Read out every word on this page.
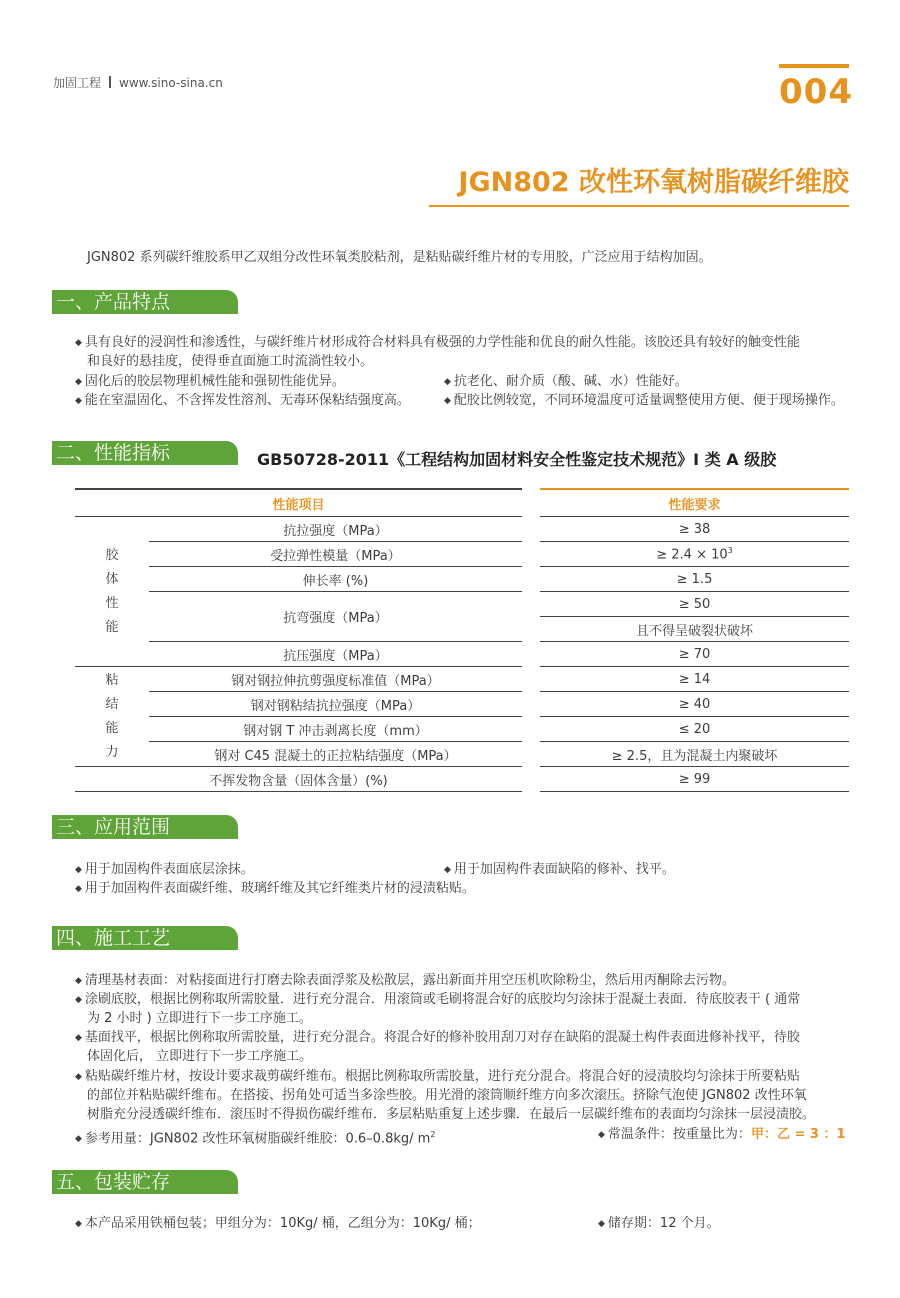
加固工程 www.sino-sina.cn	004
JGN802 改性环氧树脂碳纤维胶
JGN802 系列碳纤维胶系甲乙双组分改性环氧类胶粘剂，是粘贴碳纤维片材的专用胶，广泛应用于结构加固。
一、产品特点
◆ 具有良好的浸润性和渗透性，与碳纤维片材形成符合材料具有极强的力学性能和优良的耐久性能。该胶还具有较好的触变性能
和良好的悬挂度，使得垂直面施工时流淌性较小。
◆ 固化后的胶层物理机械性能和强韧性能优异。	◆ 抗老化、耐介质（酸、碱、水）性能好。
◆ 能在室温固化、不含挥发性溶剂、无毒环保粘结强度高。	◆ 配胶比例较宽，不同环境温度可适量调整使用方便、便于现场操作。
二、性能指标	GB50728-2011《工程结构加固材料安全性鉴定技术规范》I 类 A 级胶
性能项目			性能要求

胶体性能	抗拉强度（MPa）		≥ 38
	受拉弹性模量（MPa）		≥ $2.4 \times 10^3$
	伸长率 (%)		≥ 1.5
	抗弯强度（MPa）		≥ 50
			且不得呈破裂状破坏
	抗压强度（MPa）		≥ 70

粘结能力	钢对钢拉伸抗剪强度标准值（MPa）		≥ 14
	钢对钢粘结抗拉强度（MPa）		≥ 40
	钢对钢 T 冲击剥离长度（mm）		≤ 20
	钢对 C45 混凝土的正拉粘结强度（MPa）		≥ 2.5，且为混凝土内聚破坏
不挥发物含量（固体含量）(%)			≥ 99
三、应用范围
◆ 用于加固构件表面底层涂抹。	◆ 用于加固构件表面缺陷的修补、找平。
◆ 用于加固构件表面碳纤维、玻璃纤维及其它纤维类片材的浸渍粘贴。
四、施工工艺
◆ 清理基材表面：对粘接面进行打磨去除表面浮浆及松散层，露出新面并用空压机吹除粉尘，然后用丙酮除去污物。
◆ 涂刷底胶，根据比例称取所需胶量．进行充分混合．用滚筒或毛刷将混合好的底胶均匀涂抹于混凝土表面．待底胶表干 ( 通常
为 2 小时 ) 立即进行下一步工序施工。
◆ 基面找平，根据比例称取所需胶量，进行充分混合。将混合好的修补胶用刮刀对存在缺陷的混凝土构件表面进修补找平，待胶
体固化后， 立即进行下一步工序施工。
◆ 粘贴碳纤维片材，按设计要求裁剪碳纤维布。根据比例称取所需胶量，进行充分混合。将混合好的浸渍胶均匀涂抹于所要粘贴
的部位并粘贴碳纤维布。在搭接、拐角处可适当多涂些胶。用光滑的滚筒顺纤维方向多次滚压。挤除气泡使 JGN802 改性环氧
树脂充分浸透碳纤维布．滚压时不得损伤碳纤维布．多层粘贴重复上述步骤．在最后一层碳纤维布的表面均匀涂抹一层浸渍胶。
◆ 参考用量：JGN802 改性环氧树脂碳纤维胶：0.6–0.8kg/ $m^2$	◆ 常温条件：按重量比为：甲：乙 = 3 ：1
五、包装贮存
◆ 本产品采用铁桶包装；甲组分为：10Kg/ 桶，乙组分为：10Kg/ 桶；	◆ 储存期：12 个月。
